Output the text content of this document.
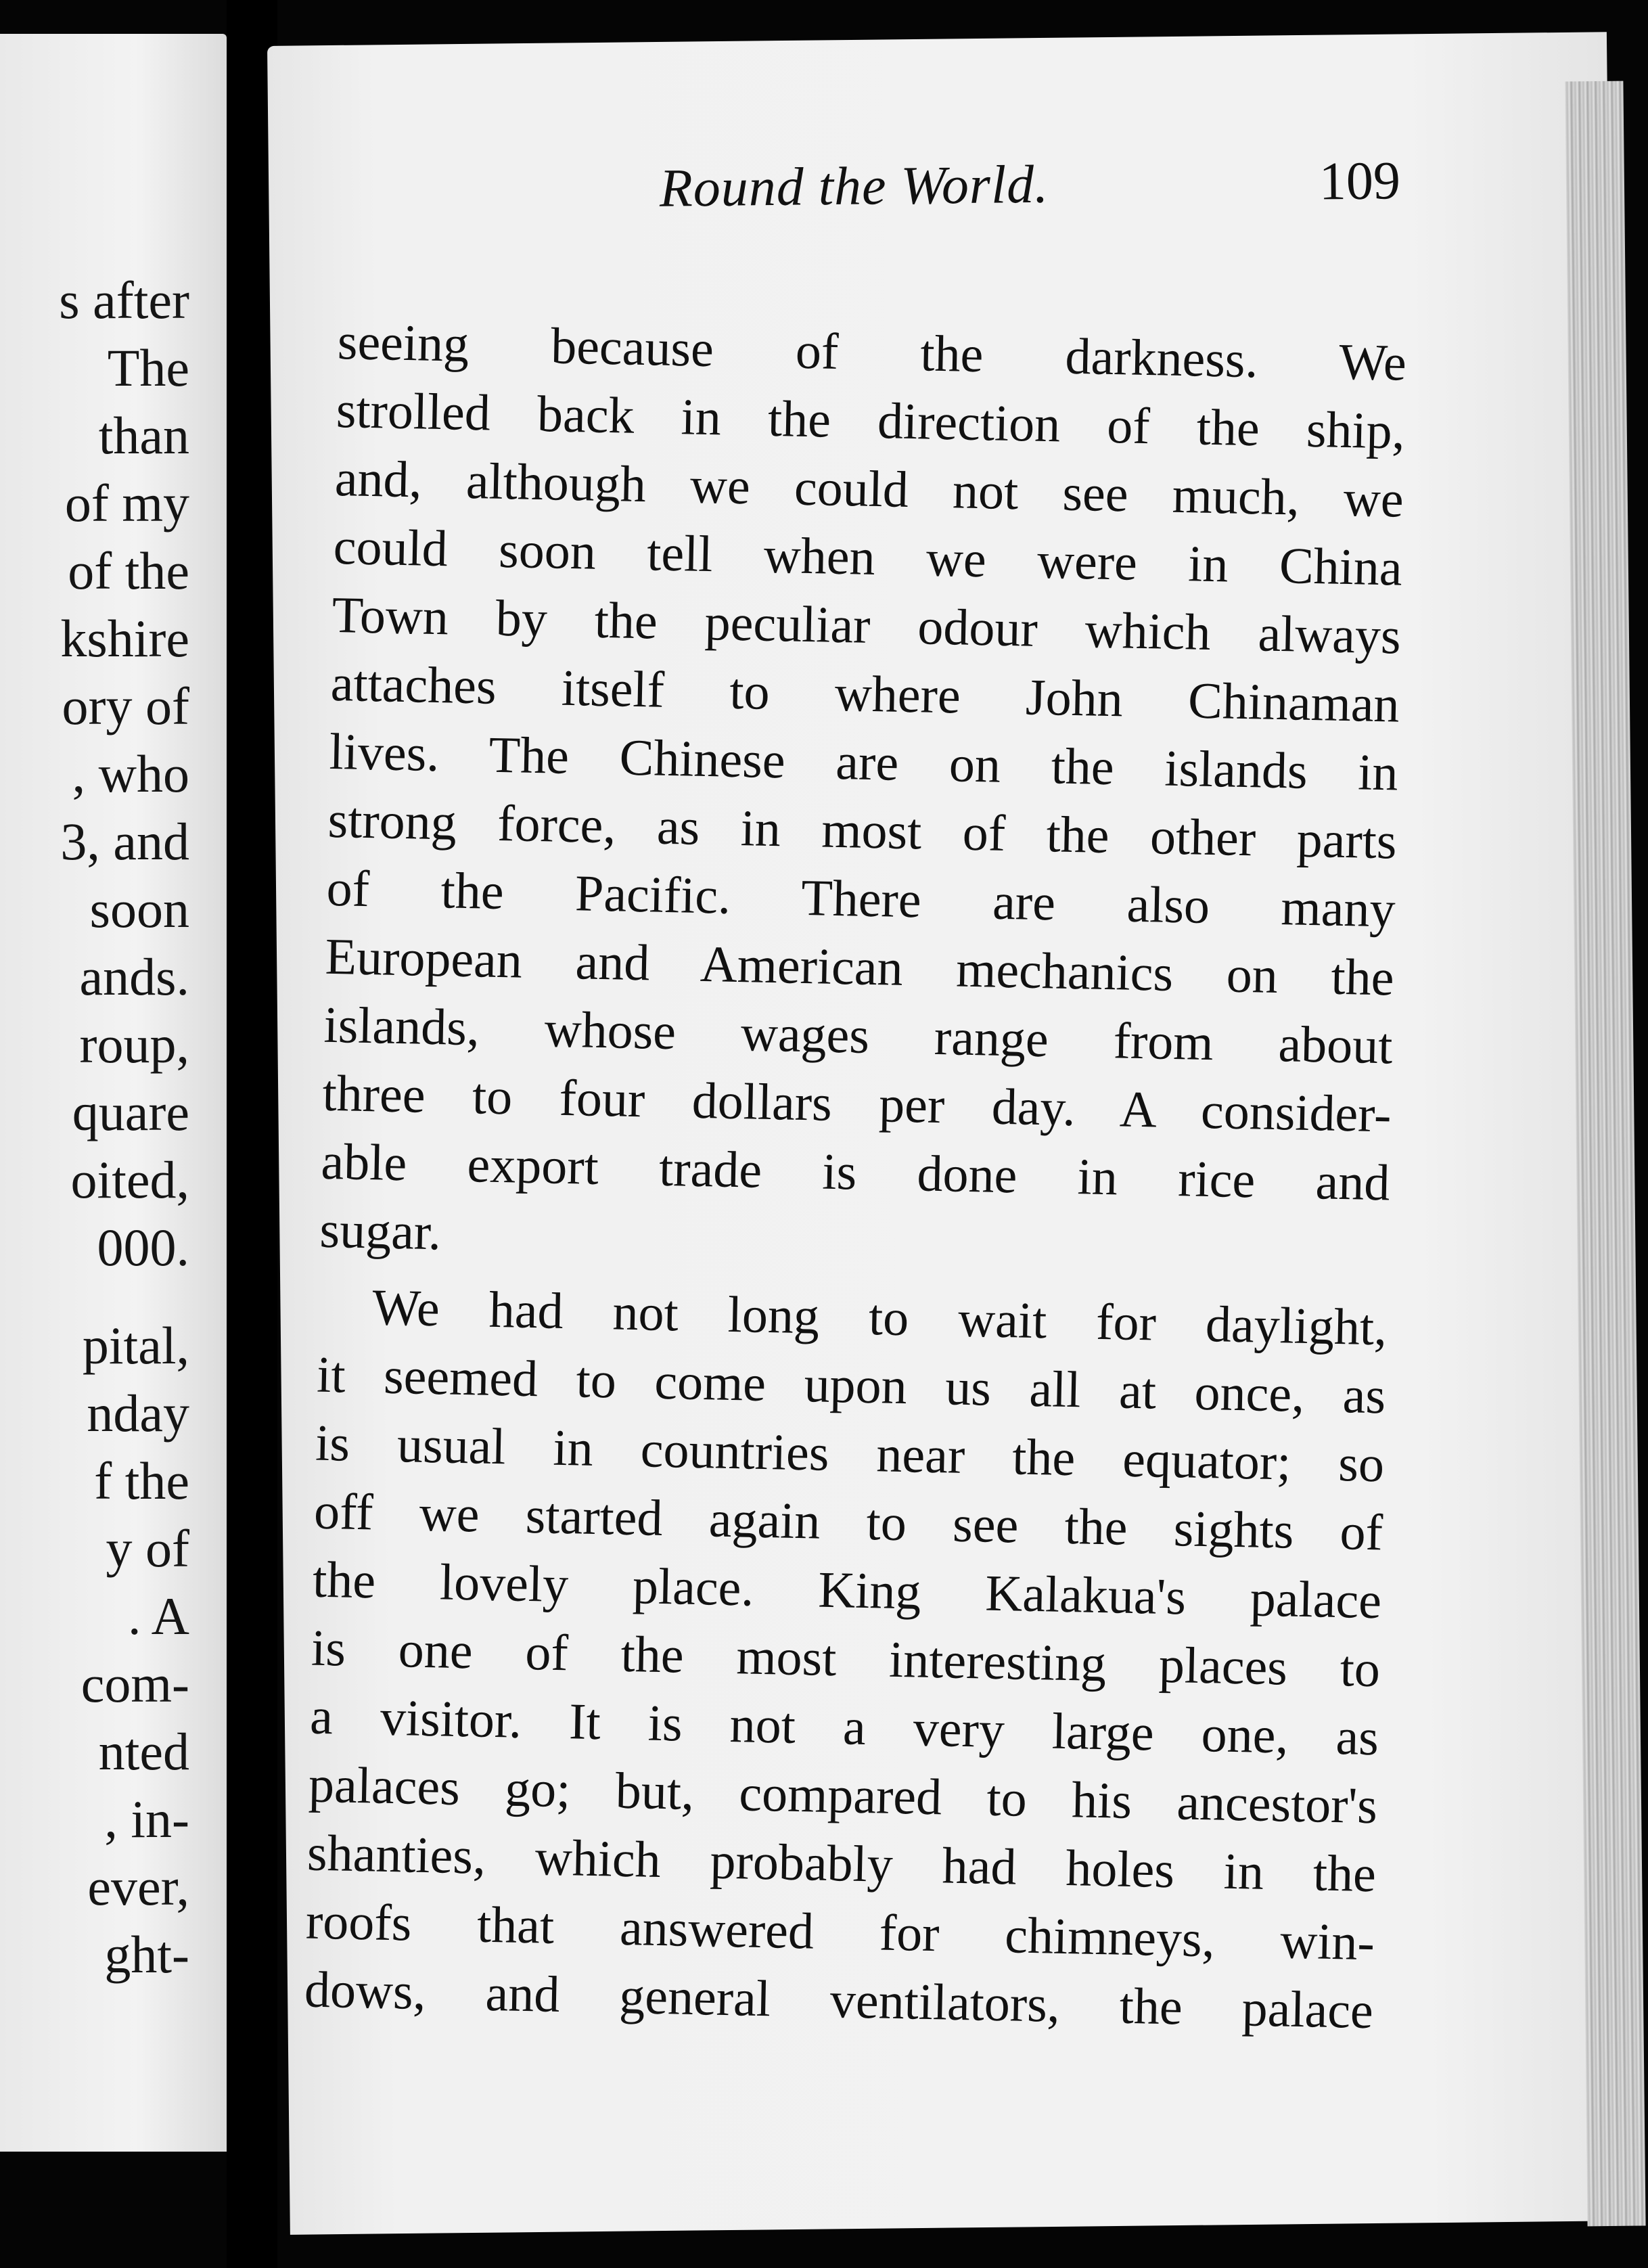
s after
The
than
of my
of the
kshire
ory of
, who
3, and
soon
ands.
roup,
quare
oited,
000.
pital,
nday
f the
y of
. A
com-
nted
, in-
ever,
ght-
Round the World.	109
seeing because of the darkness. We
strolled back in the direction of the ship,
and, although we could not see much, we
could soon tell when we were in China
Town by the peculiar odour which always
attaches itself to where John Chinaman
lives. The Chinese are on the islands in
strong force, as in most of the other parts
of the Pacific. There are also many
European and American mechanics on the
islands, whose wages range from about
three to four dollars per day. A consider-
able export trade is done in rice and
sugar.
We had not long to wait for daylight,
it seemed to come upon us all at once, as
is usual in countries near the equator; so
off we started again to see the sights of
the lovely place. King Kalakua's palace
is one of the most interesting places to
a visitor. It is not a very large one, as
palaces go; but, compared to his ancestor's
shanties, which probably had holes in the
roofs that answered for chimneys, win-
dows, and general ventilators, the palace
